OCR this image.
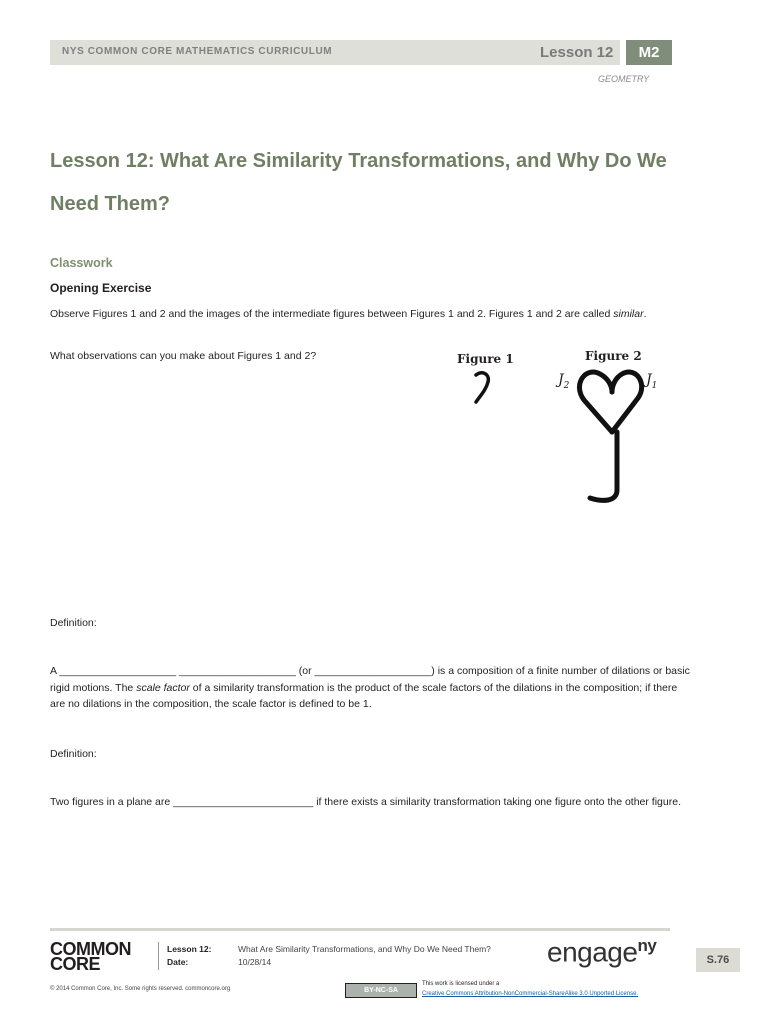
NYS COMMON CORE MATHEMATICS CURRICULUM	Lesson 12	M2
GEOMETRY
Lesson 12: What Are Similarity Transformations, and Why Do We Need Them?
Classwork
Opening Exercise
Observe Figures 1 and 2 and the images of the intermediate figures between Figures 1 and 2. Figures 1 and 2 are called similar.
What observations can you make about Figures 1 and 2?	Figure 1	Figure 2
$J_2$	$J_1$
Definition:
A ____________________ ____________________ (or ____________________) is a composition of a finite number of dilations or basic rigid motions. The scale factor of a similarity transformation is the product of the scale factors of the dilations in the composition; if there are no dilations in the composition, the scale factor is defined to be 1.
Definition:
Two figures in a plane are ________________________ if there exists a similarity transformation taking one figure onto the other figure.
COMMON
CORE
Lesson 12:
Date:
What Are Similarity Transformations, and Why Do We Need Them?
10/28/14	engage$^{ny}$
S.76
© 2014 Common Core, Inc. Some rights reserved. commoncore.org	BY-NC-SA
This work is licensed under a
Creative Commons Attribution-NonCommercial-ShareAlike 3.0 Unported License.
